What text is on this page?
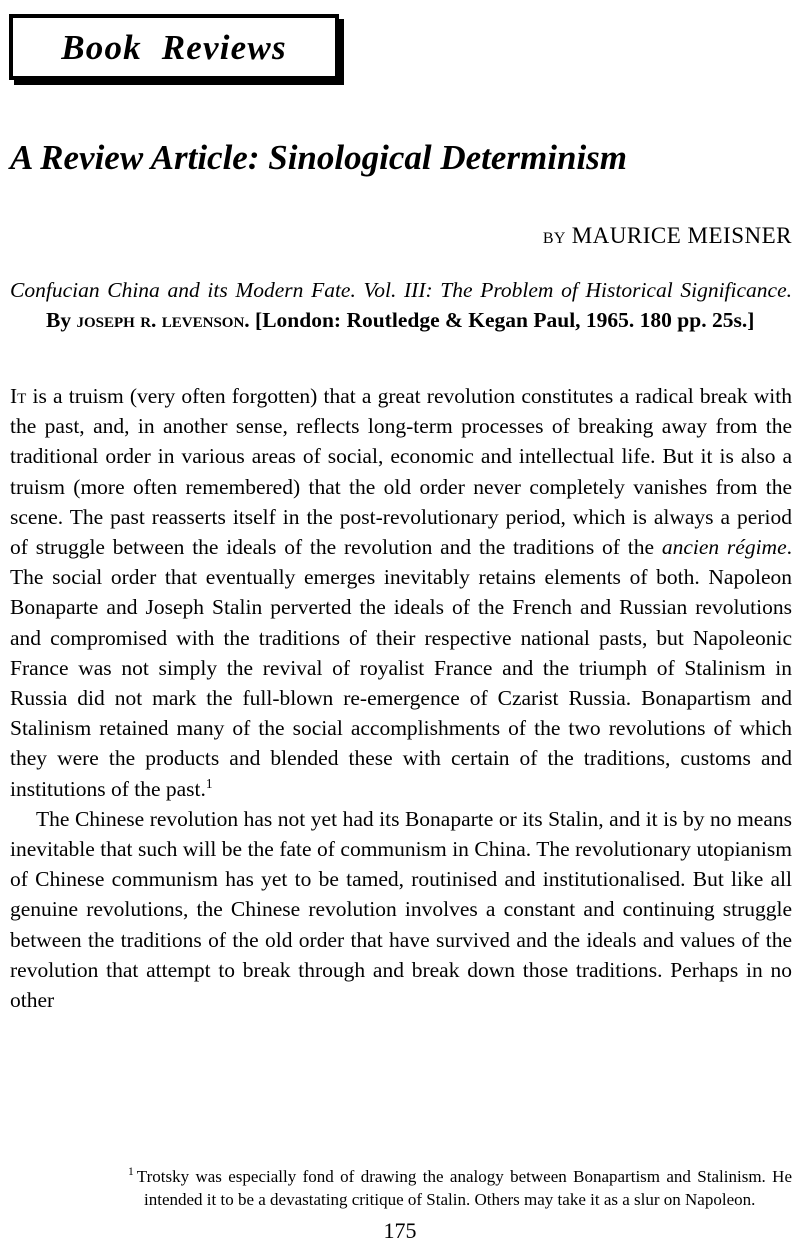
Book  Reviews
A Review Article: Sinological Determinism
by MAURICE MEISNER
Confucian China and its Modern Fate. Vol. III: The Problem of Historical Significance. By joseph r. levenson. [London: Routledge & Kegan Paul, 1965. 180 pp. 25s.]

It is a truism (very often forgotten) that a great revolution constitutes a radical break with the past, and, in another sense, reflects long-term processes of breaking away from the traditional order in various areas of social, economic and intellectual life. But it is also a truism (more often remembered) that the old order never completely vanishes from the scene. The past reasserts itself in the post-revolutionary period, which is always a period of struggle between the ideals of the revolution and the traditions of the ancien régime. The social order that eventually emerges inevitably retains elements of both. Napoleon Bonaparte and Joseph Stalin perverted the ideals of the French and Russian revolutions and compromised with the traditions of their respective national pasts, but Napoleonic France was not simply the revival of royalist France and the triumph of Stalinism in Russia did not mark the full-blown re-emergence of Czarist Russia. Bonapartism and Stalinism retained many of the social accomplishments of the two revolutions of which they were the products and blended these with certain of the traditions, customs and institutions of the past.$^1$

The Chinese revolution has not yet had its Bonaparte or its Stalin, and it is by no means inevitable that such will be the fate of communism in China. The revolutionary utopianism of Chinese communism has yet to be tamed, routinised and institutionalised. But like all genuine revolutions, the Chinese revolution involves a constant and continuing struggle between the traditions of the old order that have survived and the ideals and values of the revolution that attempt to break through and break down those traditions. Perhaps in no other

$^1$ Trotsky was especially fond of drawing the analogy between Bonapartism and Stalinism. He intended it to be a devastating critique of Stalin. Others may take it as a slur on Napoleon.
175
